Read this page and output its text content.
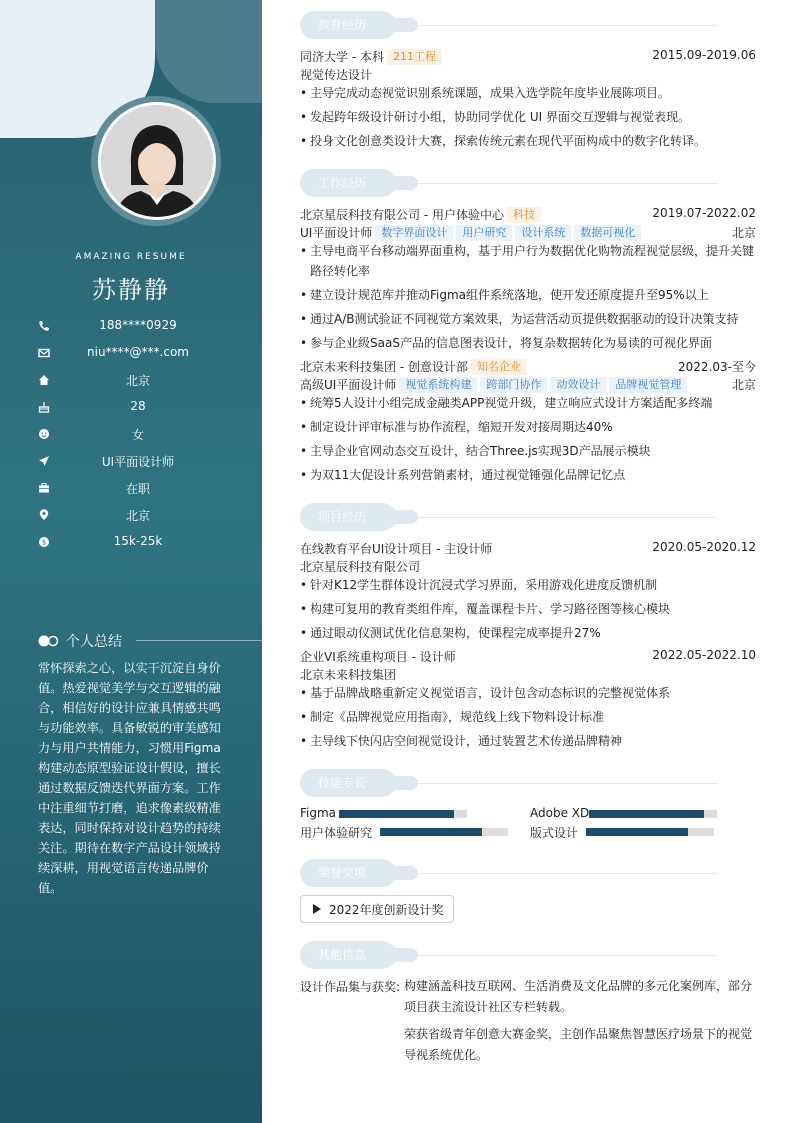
AMAZING RESUME
苏静静
188****0929
niu****@***.com
北京
28
女
UI平面设计师
在职
北京
$	15k-25k
个人总结
常怀探索之心，以实干沉淀自身价值。热爱视觉美学与交互逻辑的融合，相信好的设计应兼具情感共鸣与功能效率。具备敏锐的审美感知力与用户共情能力，习惯用Figma构建动态原型验证设计假设，擅长通过数据反馈迭代界面方案。工作中注重细节打磨，追求像素级精准表达，同时保持对设计趋势的持续关注。期待在数字产品设计领域持续深耕，用视觉语言传递品牌价值。
教育经历
同济大学 - 本科 211工程	2015.09-2019.06
视觉传达设计
• 主导完成动态视觉识别系统课题，成果入选学院年度毕业展陈项目。
• 发起跨年级设计研讨小组，协助同学优化 UI 界面交互逻辑与视觉表现。
• 投身文化创意类设计大赛，探索传统元素在现代平面构成中的数字化转译。
工作经历
北京星辰科技有限公司 - 用户体验中心 科技	2019.07-2022.02
UI平面设计师 数字界面设计 用户研究 设计系统 数据可视化	北京
• 主导电商平台移动端界面重构，基于用户行为数据优化购物流程视觉层级，提升关键路径转化率
• 建立设计规范库并推动Figma组件系统落地，使开发还原度提升至95%以上
• 通过A/B测试验证不同视觉方案效果，为运营活动页提供数据驱动的设计决策支持
• 参与企业级SaaS产品的信息图表设计，将复杂数据转化为易读的可视化界面
北京未来科技集团 - 创意设计部 知名企业	2022.03-至今
高级UI平面设计师 视觉系统构建 跨部门协作 动效设计 品牌视觉管理	北京
• 统筹5人设计小组完成金融类APP视觉升级，建立响应式设计方案适配多终端
• 制定设计评审标准与协作流程，缩短开发对接周期达40%
• 主导企业官网动态交互设计，结合Three.js实现3D产品展示模块
• 为双11大促设计系列营销素材，通过视觉锤强化品牌记忆点
项目经历
在线教育平台UI设计项目 - 主设计师	2020.05-2020.12
北京星辰科技有限公司
• 针对K12学生群体设计沉浸式学习界面，采用游戏化进度反馈机制
• 构建可复用的教育类组件库，覆盖课程卡片、学习路径图等核心模块
• 通过眼动仪测试优化信息架构，使课程完成率提升27%
企业VI系统重构项目 - 设计师	2022.05-2022.10
北京未来科技集团
• 基于品牌战略重新定义视觉语言，设计包含动态标识的完整视觉体系
• 制定《品牌视觉应用指南》，规范线上线下物料设计标准
• 主导线下快闪店空间视觉设计，通过装置艺术传递品牌精神
技能专长
Figma	Adobe XD
用户体验研究	版式设计
荣誉奖项
2022年度创新设计奖
其他信息
设计作品集与获奖: 构建涵盖科技互联网、生活消费及文化品牌的多元化案例库，部分项目获主流设计社区专栏转载。
荣获省级青年创意大赛金奖，主创作品聚焦智慧医疗场景下的视觉导视系统优化。
